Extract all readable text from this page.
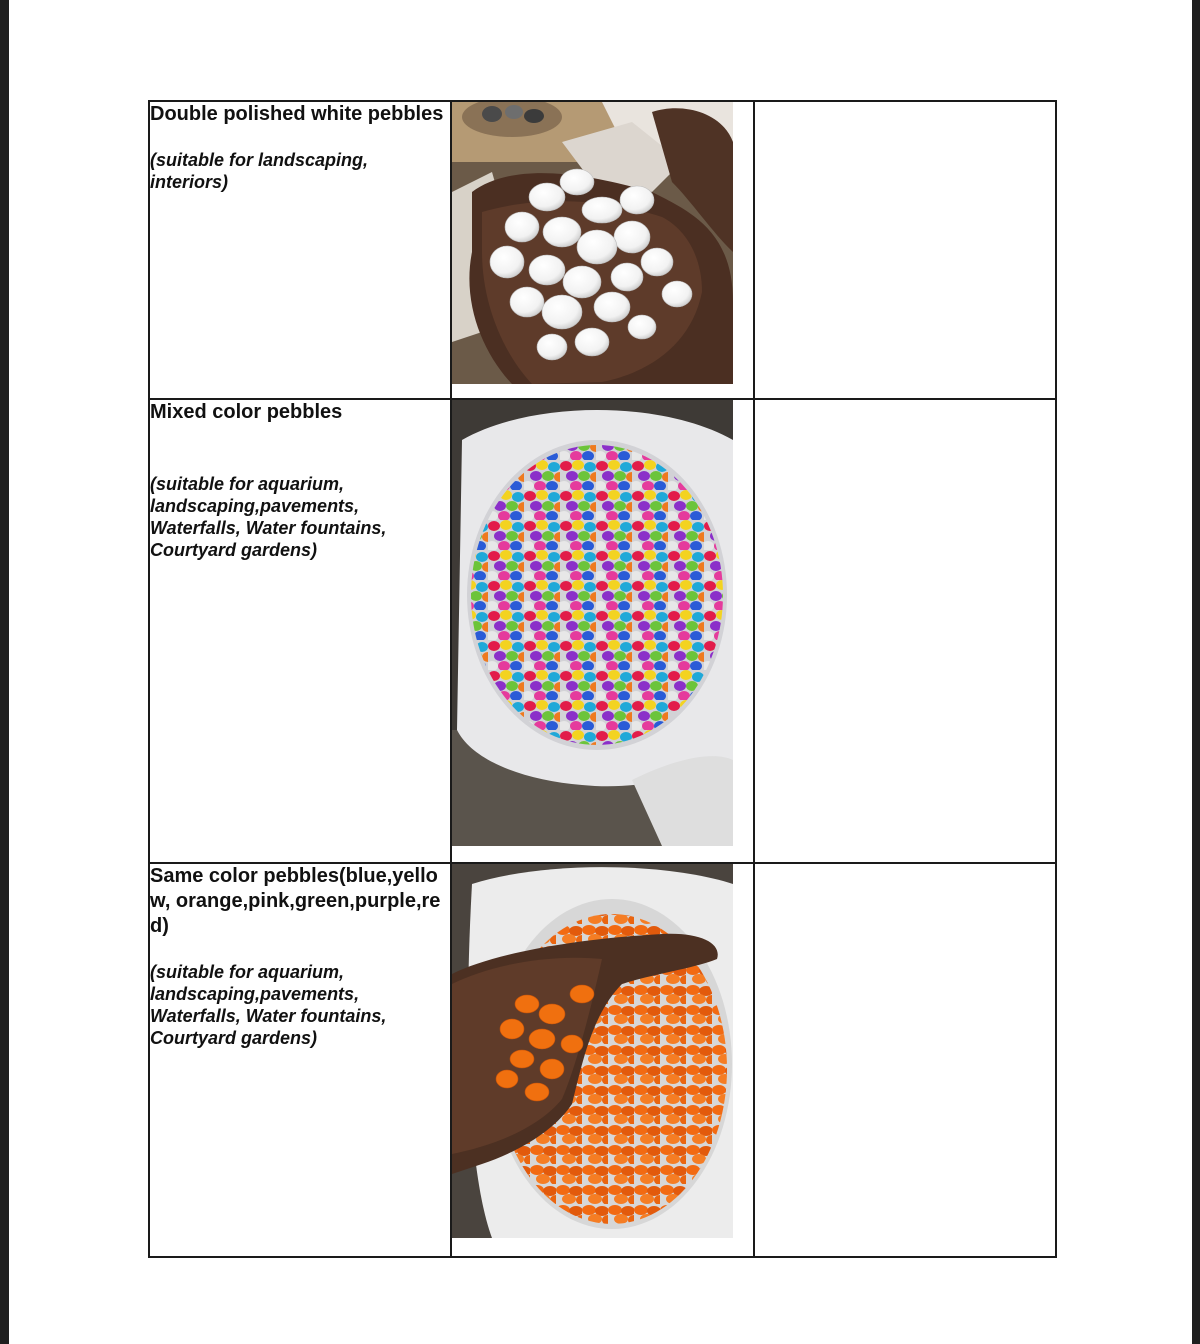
Double polished white pebbles

(suitable for landscaping, interiors)

Mixed color pebbles

(suitable for aquarium, landscaping,pavements, Waterfalls, Water fountains, Courtyard gardens)

Same color pebbles(blue,yellow, orange,pink,green,purple,red)

(suitable for aquarium, landscaping,pavements, Waterfalls, Water fountains, Courtyard gardens)
